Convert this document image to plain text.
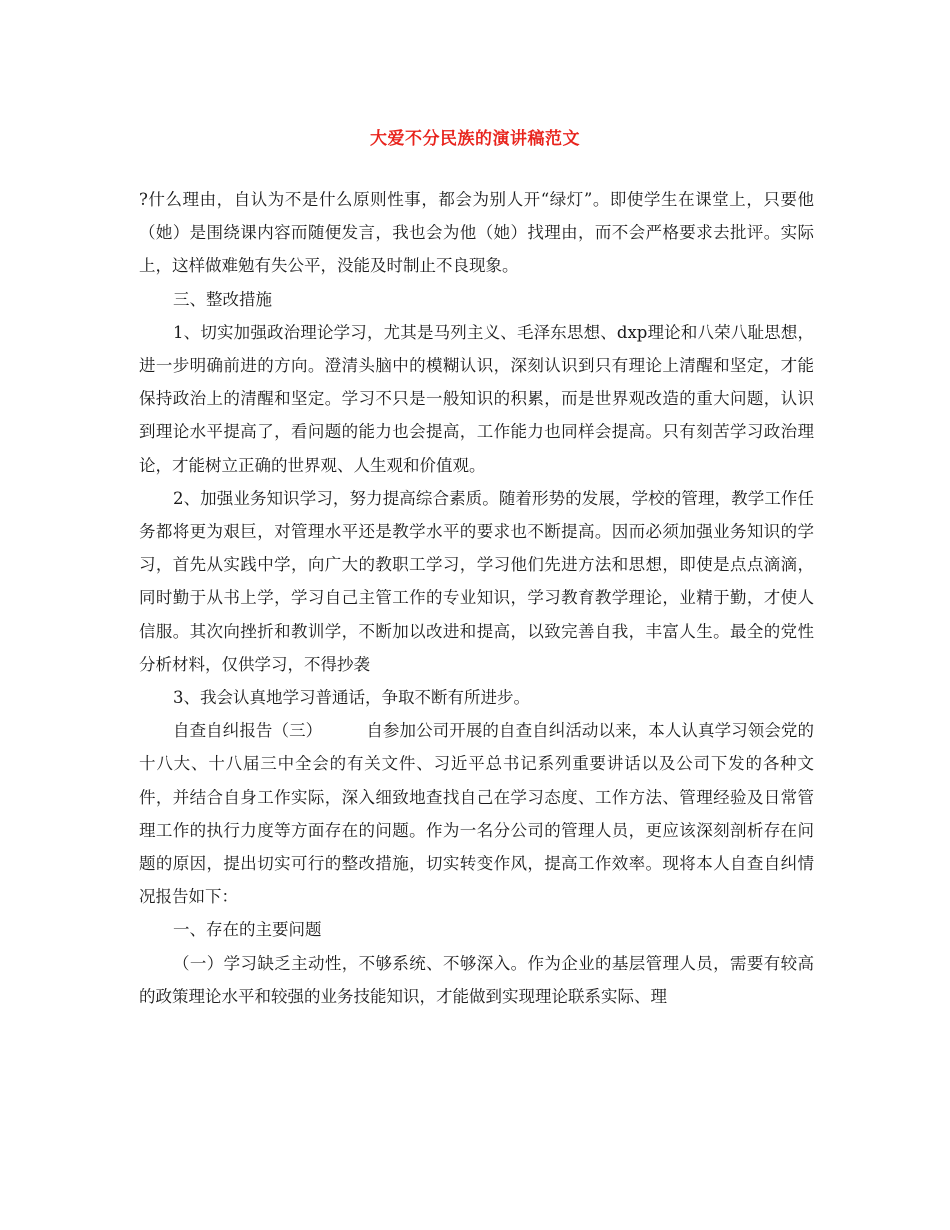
大爱不分民族的演讲稿范文

?什么理由，自认为不是什么原则性事，都会为别人开“绿灯”。即使学生在课堂上，只要他（她）是围绕课内容而随便发言，我也会为他（她）找理由，而不会严格要求去批评。实际上，这样做难勉有失公平，没能及时制止不良现象。

三、整改措施

1、切实加强政治理论学习，尤其是马列主义、毛泽东思想、dxp理论和八荣八耻思想，进一步明确前进的方向。澄清头脑中的模糊认识，深刻认识到只有理论上清醒和坚定，才能保持政治上的清醒和坚定。学习不只是一般知识的积累，而是世界观改造的重大问题，认识到理论水平提高了，看问题的能力也会提高，工作能力也同样会提高。只有刻苦学习政治理论，才能树立正确的世界观、人生观和价值观。

2、加强业务知识学习，努力提高综合素质。随着形势的发展，学校的管理，教学工作任务都将更为艰巨，对管理水平还是教学水平的要求也不断提高。因而必须加强业务知识的学习，首先从实践中学，向广大的教职工学习，学习他们先进方法和思想，即使是点点滴滴，同时勤于从书上学，学习自己主管工作的专业知识，学习教育教学理论，业精于勤，才使人信服。其次向挫折和教训学，不断加以改进和提高，以致完善自我，丰富人生。最全的党性分析材料，仅供学习，不得抄袭

3、我会认真地学习普通话，争取不断有所进步。

自查自纠报告（三）	自参加公司开展的自查自纠活动以来，本人认真学习领会党的十八大、十八届三中全会的有关文件、习近平总书记系列重要讲话以及公司下发的各种文件，并结合自身工作实际，深入细致地查找自己在学习态度、工作方法、管理经验及日常管理工作的执行力度等方面存在的问题。作为一名分公司的管理人员，更应该深刻剖析存在问题的原因，提出切实可行的整改措施，切实转变作风，提高工作效率。现将本人自查自纠情况报告如下：

一、存在的主要问题

（一）学习缺乏主动性，不够系统、不够深入。作为企业的基层管理人员，需要有较高的政策理论水平和较强的业务技能知识，才能做到实现理论联系实际、理
